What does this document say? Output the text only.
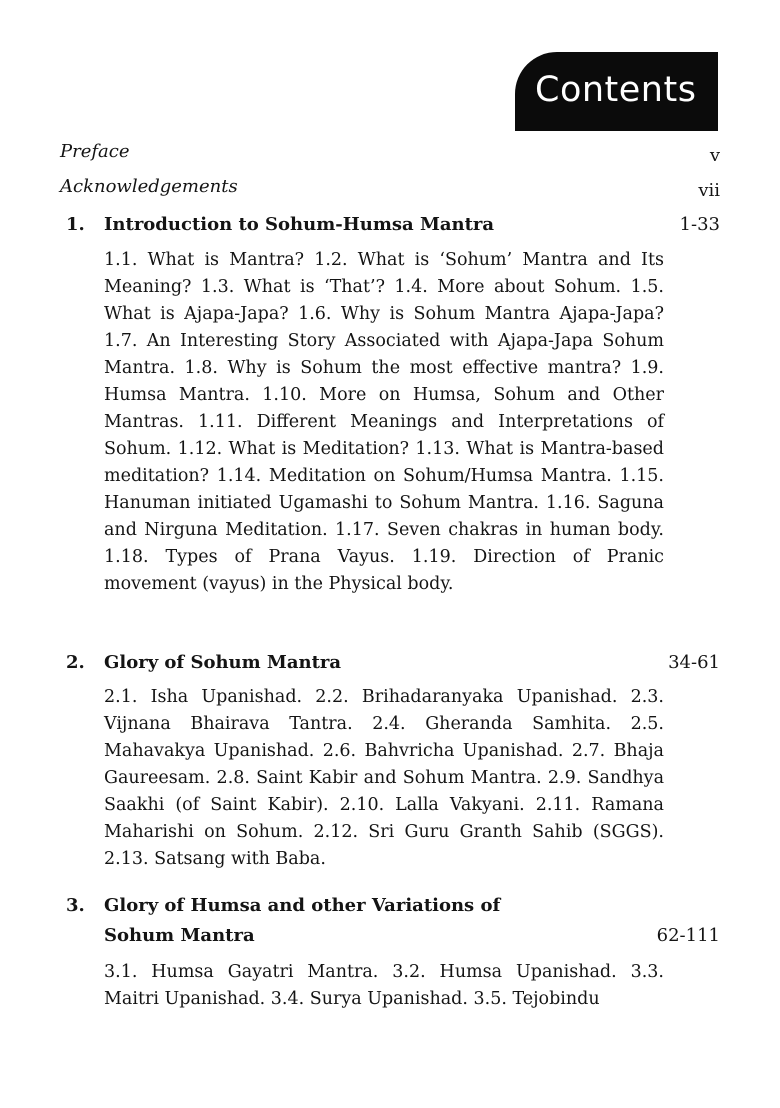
Contents
Preface	v
Acknowledgements	vii
1. Introduction to Sohum-Humsa Mantra	1-33
1.1. What is Mantra? 1.2. What is ‘Sohum’ Mantra and Its Meaning? 1.3. What is ‘That’? 1.4. More about Sohum. 1.5. What is Ajapa-Japa? 1.6. Why is Sohum Mantra Ajapa-Japa? 1.7. An Interesting Story Associated with Ajapa-Japa Sohum Mantra. 1.8. Why is Sohum the most effective mantra? 1.9. Humsa Mantra. 1.10. More on Humsa, Sohum and Other Mantras. 1.11. Different Meanings and Interpretations of Sohum. 1.12. What is Meditation? 1.13. What is Mantra-based meditation? 1.14. Meditation on Sohum/Humsa Mantra. 1.15. Hanuman initiated Ugamashi to Sohum Mantra. 1.16. Saguna and Nirguna Meditation. 1.17. Seven chakras in human body. 1.18. Types of Prana Vayus. 1.19. Direction of Pranic movement (vayus) in the Physical body.
2. Glory of Sohum Mantra	34-61
2.1. Isha Upanishad. 2.2. Brihadaranyaka Upanishad. 2.3. Vijnana Bhairava Tantra. 2.4. Gheranda Samhita. 2.5. Mahavakya Upanishad. 2.6. Bahvricha Upanishad. 2.7. Bhaja Gaureesam. 2.8. Saint Kabir and Sohum Mantra. 2.9. Sandhya Saakhi (of Saint Kabir). 2.10. Lalla Vakyani. 2.11. Ramana Maharishi on Sohum. 2.12. Sri Guru Granth Sahib (SGGS). 2.13. Satsang with Baba.
3. Glory of Humsa and other Variations of
Sohum Mantra	62-111
3.1. Humsa Gayatri Mantra. 3.2. Humsa Upanishad. 3.3. Maitri Upanishad. 3.4. Surya Upanishad. 3.5. Tejobindu
